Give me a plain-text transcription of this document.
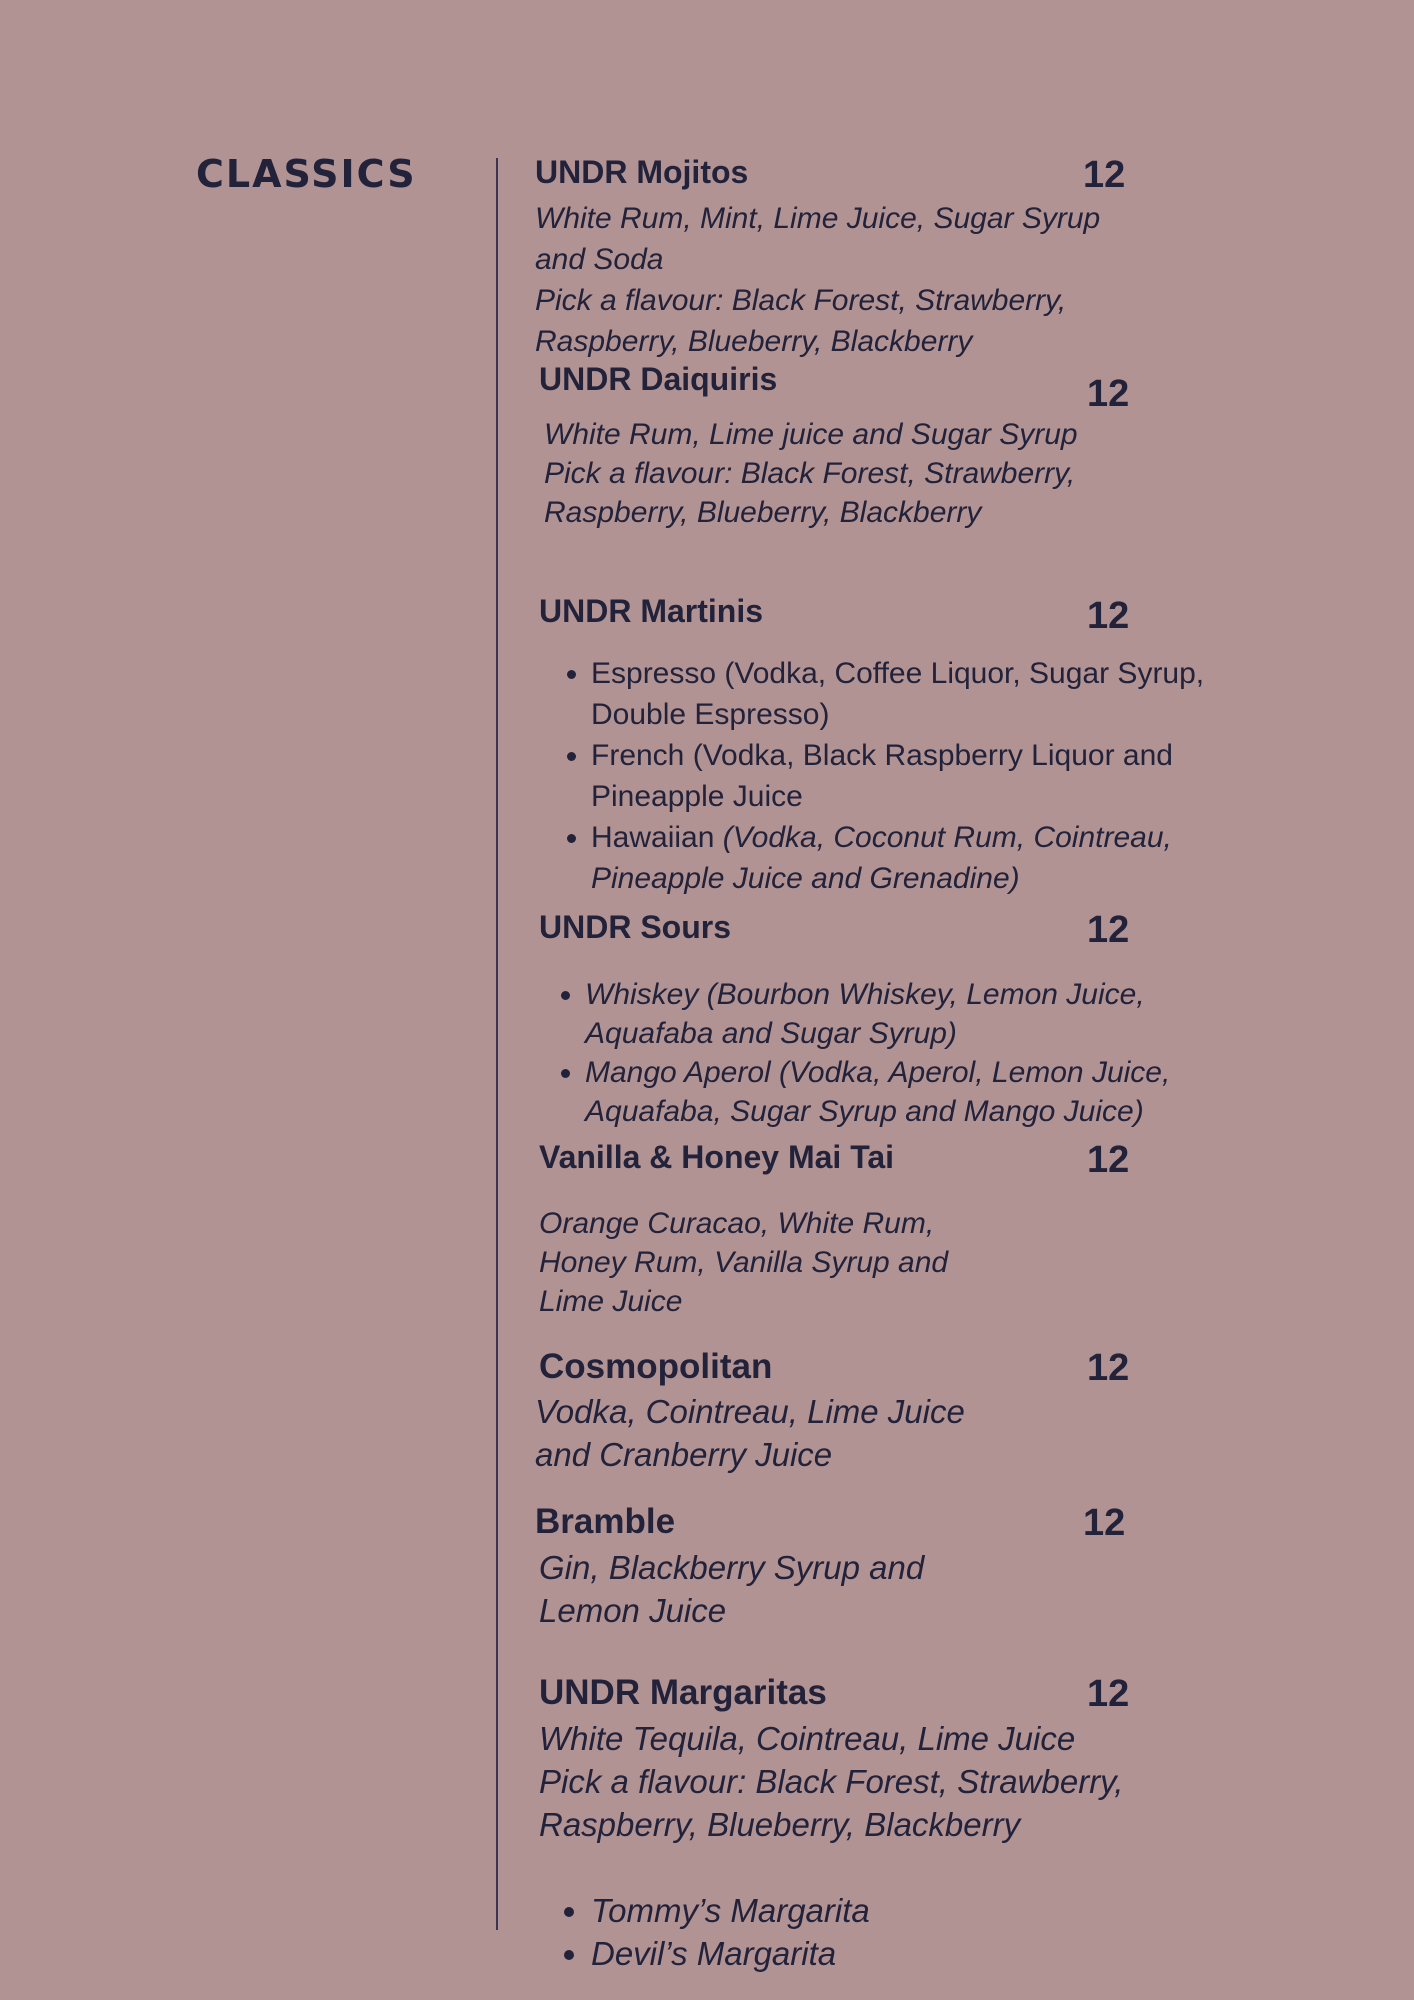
CLASSICS	UNDR Mojitos	12

White Rum, Mint, Lime Juice, Sugar Syrup and Soda

Pick a flavour: Black Forest, Strawberry, Raspberry, Blueberry, Blackberry

UNDR Daiquiris	12

White Rum, Lime juice and Sugar Syrup

Pick a flavour: Black Forest, Strawberry, Raspberry, Blueberry, Blackberry

UNDR Martinis	12
• Espresso (Vodka, Coffee Liquor, Sugar Syrup, Double Espresso)
• French (Vodka, Black Raspberry Liquor and Pineapple Juice
• Hawaiian (Vodka, Coconut Rum, Cointreau, Pineapple Juice and Grenadine)
UNDR Sours	12
• Whiskey (Bourbon Whiskey, Lemon Juice, Aquafaba and Sugar Syrup)
• Mango Aperol (Vodka, Aperol, Lemon Juice, Aquafaba, Sugar Syrup and Mango Juice)
Vanilla & Honey Mai Tai	12

Orange Curacao, White Rum, Honey Rum, Vanilla Syrup and Lime Juice

Cosmopolitan	12

Vodka, Cointreau, Lime Juice and Cranberry Juice

Bramble	12

Gin, Blackberry Syrup and Lemon Juice

UNDR Margaritas	12

White Tequila, Cointreau, Lime Juice

Pick a flavour: Black Forest, Strawberry, Raspberry, Blueberry, Blackberry

• Tommy’s Margarita
• Devil’s Margarita
